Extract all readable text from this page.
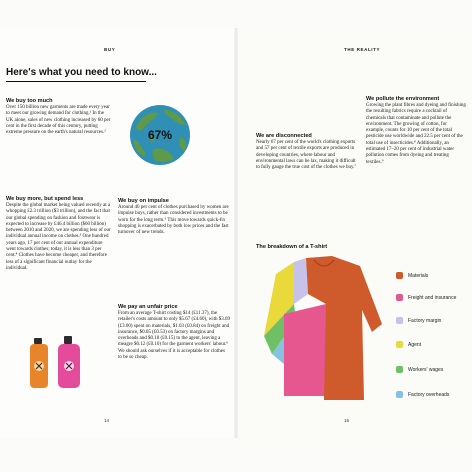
BUY
Here's what you need to know...

We buy too much

Over 150 billion new garments are made every year to meet our growing demand for clothing.¹ In the UK alone, sales of new clothing increased by 60 per cent in the first decade of this century, putting extreme pressure on the earth's natural resources.²

We buy more, but spend less

Despite the global market being valued recently at a whopping £2.3 trillion ($3 trillion), and the fact that our global spending on fashion and footwear is expected to increase by £46.4 billion ($60 billion) between 2010 and 2020, we are spending less of our individual annual income on clothes.³ One hundred years ago, 17 per cent of our annual expenditure went towards clothes; today, it is less than 3 per cent.⁴ Clothes have become cheaper, and therefore less of a significant financial outlay for the individual.

67%

We buy on impulse

Around 40 per cent of clothes purchased by women are impulse buys, rather than considered investments to be worn for the long term.⁵ This move towards quick-fix shopping is exacerbated by both low prices and the fast turnover of new trends.

We pay an unfair price

From an average T-shirt costing $14 (£11.37), the retailer's costs amount to only $5.67 (£4.60), with $3.69 (£3.00) spent on materials, $1.03 (£0.84) on freight and insurance, $0.65 (£0.53) on factory margins and overheads and $0.18 (£0.15) to the agent, leaving a meagre $0.12 (£0.10) for the garment workers' labour.⁶ We should ask ourselves if it is acceptable for clothes to be so cheap.

14
THE REALITY

We are disconnected

Nearly 67 per cent of the world's clothing exports and 57 per cent of textile exports are produced in developing countries, where labour and environmental laws can be lax, making it difficult to fully gauge the true cost of the clothes we buy.⁷

We pollute the environment

Growing the plant fibres and dyeing and finishing the resulting fabrics require a cocktail of chemicals that contaminate and pollute the environment. The growing of cotton, for example, counts for 10 per cent of the total pesticide use worldwide and 22.5 per cent of the total use of insecticides.⁸ Additionally, an estimated 17–20 per cent of industrial water pollution comes from dyeing and treating textiles.⁹

The breakdown of a T-shirt
Materials
Freight and insurance
Factory margin
Agent
Workers' wages
Factory overheads
15
